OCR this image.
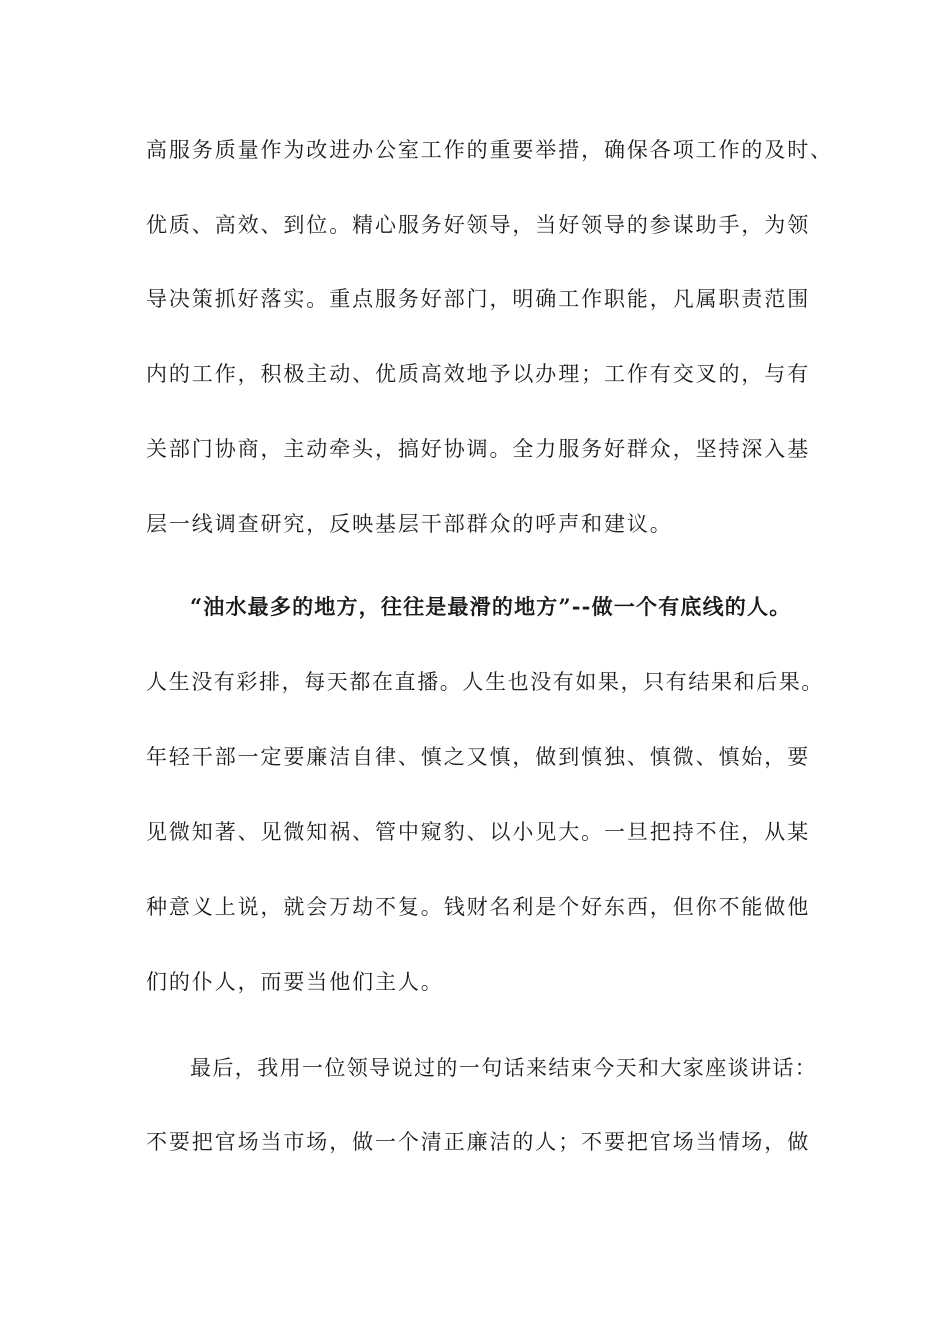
高服务质量作为改进办公室工作的重要举措，确保各项工作的及时、
优质、高效、到位。精心服务好领导，当好领导的参谋助手，为领
导决策抓好落实。重点服务好部门，明确工作职能，凡属职责范围
内的工作，积极主动、优质高效地予以办理；工作有交叉的，与有
关部门协商，主动牵头，搞好协调。全力服务好群众，坚持深入基
层一线调查研究，反映基层干部群众的呼声和建议。
“油水最多的地方，往往是最滑的地方”--做一个有底线的人。
人生没有彩排，每天都在直播。人生也没有如果，只有结果和后果。
年轻干部一定要廉洁自律、慎之又慎，做到慎独、慎微、慎始，要
见微知著、见微知祸、管中窥豹、以小见大。一旦把持不住，从某
种意义上说，就会万劫不复。钱财名利是个好东西，但你不能做他
们的仆人，而要当他们主人。
最后，我用一位领导说过的一句话来结束今天和大家座谈讲话：
不要把官场当市场，做一个清正廉洁的人；不要把官场当情场，做
